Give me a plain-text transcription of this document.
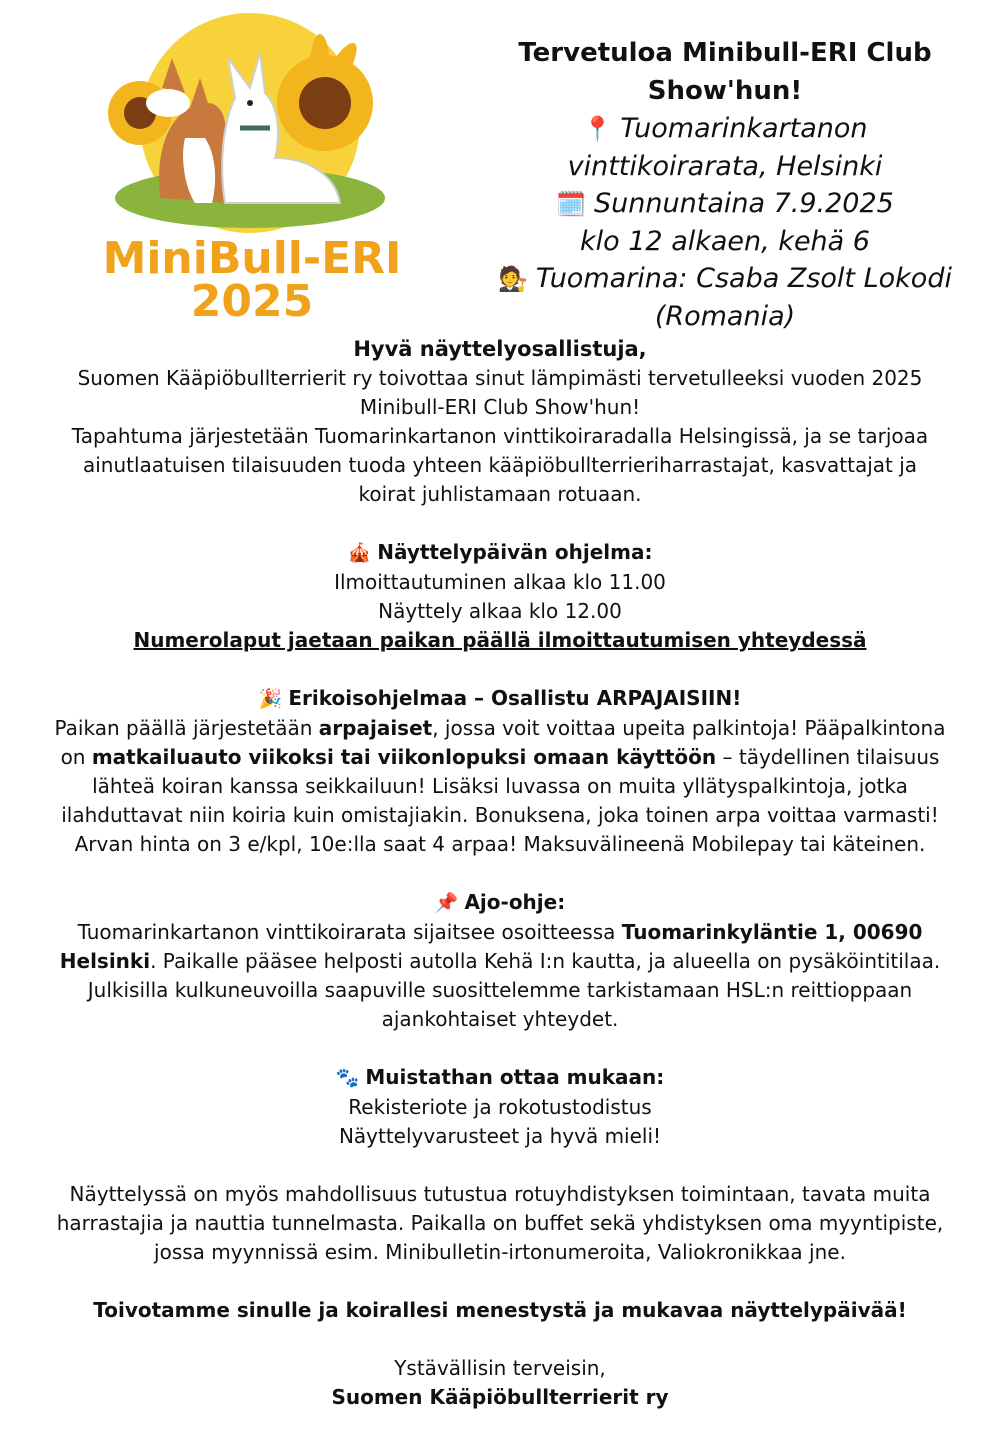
MiniBull-ERI
2025
Tervetuloa Minibull-ERI Club
Show'hun!
📍 Tuomarinkartanon
vinttikoirarata, Helsinki
🗓️ Sunnuntaina 7.9.2025
klo 12 alkaen, kehä 6
🧑‍⚖️ Tuomarina: Csaba Zsolt Lokodi
(Romania)

Hyvä näyttelyosallistuja,

Suomen Kääpiöbullterrierit ry toivottaa sinut lämpimästi tervetulleeksi vuoden 2025

Minibull-ERI Club Show'hun!

Tapahtuma järjestetään Tuomarinkartanon vinttikoiraradalla Helsingissä, ja se tarjoaa

ainutlaatuisen tilaisuuden tuoda yhteen kääpiöbullterrieriharrastajat, kasvattajat ja

koirat juhlistamaan rotuaan.

🎪 Näyttelypäivän ohjelma:

Ilmoittautuminen alkaa klo 11.00

Näyttely alkaa klo 12.00

Numerolaput jaetaan paikan päällä ilmoittautumisen yhteydessä

🎉 Erikoisohjelmaa – Osallistu ARPAJAISIIN!

Paikan päällä järjestetään arpajaiset, jossa voit voittaa upeita palkintoja! Pääpalkintona

on matkailuauto viikoksi tai viikonlopuksi omaan käyttöön – täydellinen tilaisuus

lähteä koiran kanssa seikkailuun! Lisäksi luvassa on muita yllätyspalkintoja, jotka

ilahduttavat niin koiria kuin omistajiakin. Bonuksena, joka toinen arpa voittaa varmasti!

Arvan hinta on 3 e/kpl, 10e:lla saat 4 arpaa! Maksuvälineenä Mobilepay tai käteinen.

📌 Ajo-ohje:

Tuomarinkartanon vinttikoirarata sijaitsee osoitteessa Tuomarinkyläntie 1, 00690

Helsinki. Paikalle pääsee helposti autolla Kehä I:n kautta, ja alueella on pysäköintitilaa.

Julkisilla kulkuneuvoilla saapuville suosittelemme tarkistamaan HSL:n reittioppaan

ajankohtaiset yhteydet.

🐾 Muistathan ottaa mukaan:

Rekisteriote ja rokotustodistus

Näyttelyvarusteet ja hyvä mieli!

Näyttelyssä on myös mahdollisuus tutustua rotuyhdistyksen toimintaan, tavata muita

harrastajia ja nauttia tunnelmasta. Paikalla on buffet sekä yhdistyksen oma myyntipiste,

jossa myynnissä esim. Minibulletin-irtonumeroita, Valiokronikkaa jne.

Toivotamme sinulle ja koirallesi menestystä ja mukavaa näyttelypäivää!

Ystävällisin terveisin,

Suomen Kääpiöbullterrierit ry
